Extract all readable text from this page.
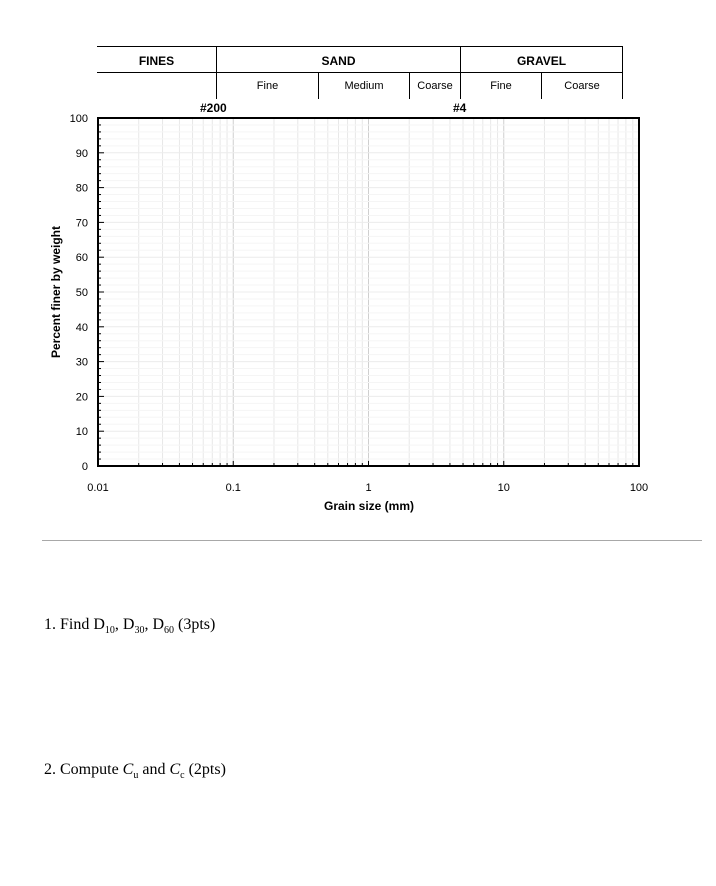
FINES	SAND	GRAVEL
Fine	Medium	Coarse	Fine	Coarse
#200	#4
0
10
20
30
40
50
60
70
80
90
100
0.01	0.1	1	10	100
Grain size (mm)
Percent finer by weight
1. Find $D_{10}$, $D_{30}$, $D_{60}$ (3pts)
2. Compute $C_u$ and $C_c$ (2pts)
